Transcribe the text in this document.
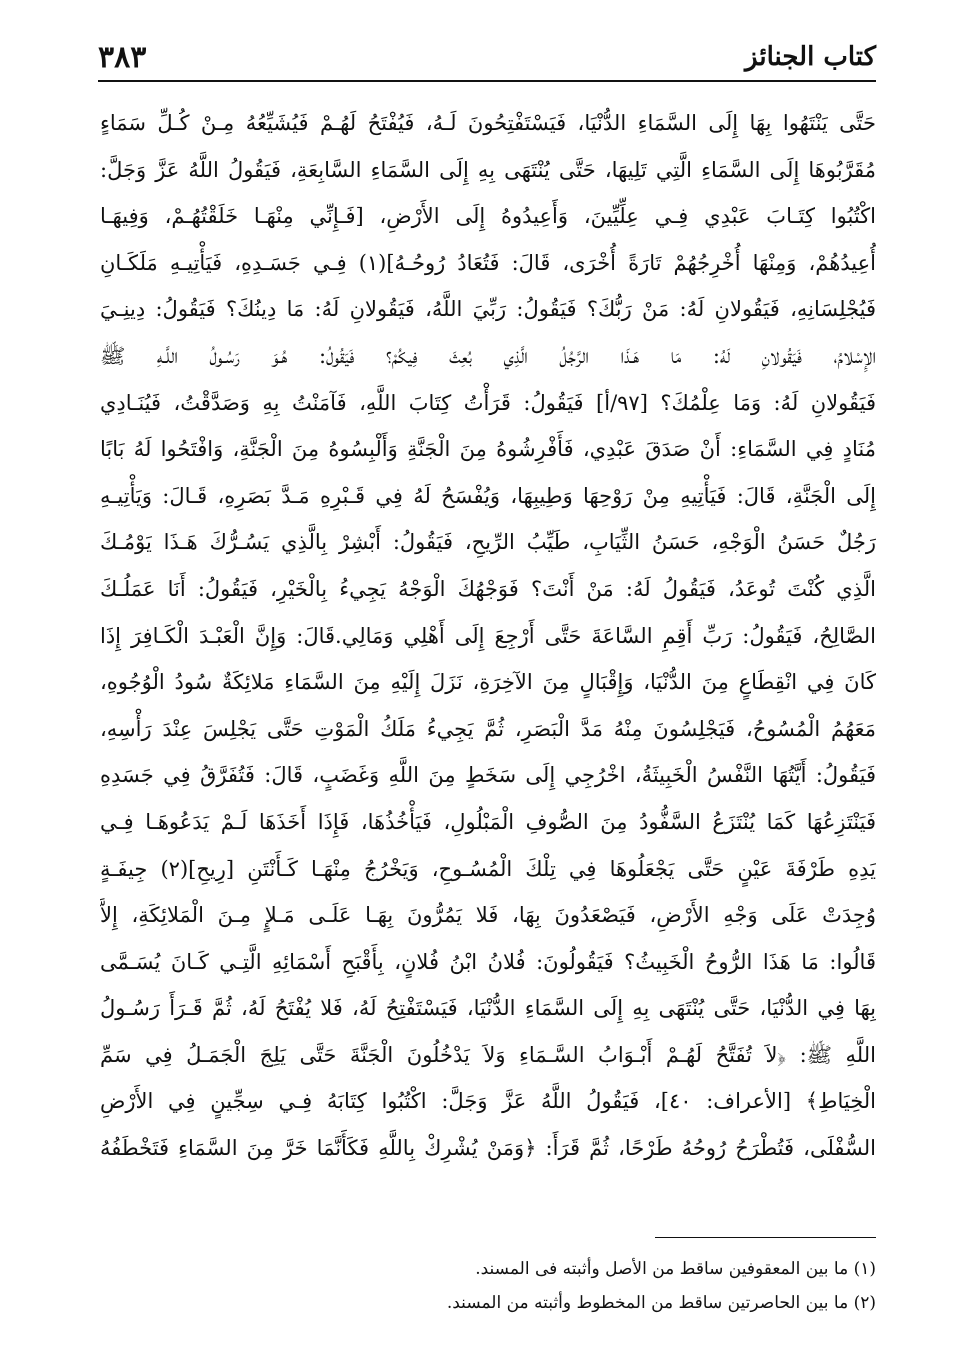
كتاب الجنائز
٣٨٣
حَتَّى يَنْتَهُوا بِهَا إِلَى السَّمَاءِ الدُّنْيَا، فَيَسْتَفْتِحُونَ لَـهُ، فَيُفْتَحُ لَهُـمْ فَيُشَيِّعُهُ مِـنْ كُـلِّ سَمَاءٍ
مُقَرَّبُوهَا إِلَى السَّمَاءِ الَّتِي تَلِيهَا، حَتَّى يُنْتَهَى بِهِ إِلَى السَّمَاءِ السَّابِعَةِ، فَيَقُولُ اللَّهُ عَزَّ وَجَلَّ:
اكْتُبُوا كِتَـابَ عَبْدِي فِـي عِلِّيِّينَ، وَأَعِيدُوهُ إِلَى الأَرْضِ، [فَـإِنِّي مِنْهَـا خَلَقْتُهُـمْ، وَفِيهَـا
أُعِيدُهُمْ، وَمِنْهَا أُخْرِجُهُمْ تَارَةً أُخْرَى، قَالَ: فَتُعَادُ رُوحُـهُ](١) فِـي جَسَـدِهِ، فَيَأْتِيـهِ مَلَكَـانِ
فَيُجْلِسَانِهِ، فَيَقُولانِ لَهُ: مَنْ رَبُّكَ؟ فَيَقُولُ: رَبِّيَ اللَّهُ، فَيَقُولانِ لَهُ: مَا دِينُكَ؟ فَيَقُولُ: دِينِـيَ
الإِسْلامُ، فَيَقُولانِ لَهُ: مَا هَـذَا الرَّجُلُ الَّذِي بُعِثَ فِيكُمْ؟ فَيَقُولُ: هُـوَ رَسُـولُ اللَّـهِ ﷺ
فَيَقُولانِ لَهُ: وَمَا عِلْمُكَ؟ [٩٧/أ] فَيَقُولُ: قَرَأْتُ كِتَابَ اللَّهِ، فَآمَنْتُ بِهِ وَصَدَّقْتُ، فَيُنَـادِي
مُنَادٍ فِي السَّمَاءِ: أَنْ صَدَقَ عَبْدِي، فَأَفْرِشُوهُ مِنَ الْجَنَّةِ وَأَلْبِسُوهُ مِنَ الْجَنَّةِ، وَافْتَحُوا لَهُ بَابًا
إِلَى الْجَنَّةِ، قَالَ: فَيَأْتِيهِ مِنْ رَوْحِهَا وَطِيبِهَا، وَيُفْسَحُ لَهُ فِي قَـبْرِهِ مَـدَّ بَصَرِهِ، قَـالَ: وَيَأْتِيـهِ
رَجُلٌ حَسَنُ الْوَجْهِ، حَسَنُ الثِّيَابِ، طَيِّبُ الرِّيحِ، فَيَقُولُ: أَبْشِرْ بِالَّذِي يَسُـرُّكَ هَـذَا يَوْمُـكَ
الَّذِي كُنْتَ تُوعَدُ، فَيَقُولُ لَهُ: مَنْ أَنْتَ؟ فَوَجْهُكَ الْوَجْهُ يَجِيءُ بِالْخَيْرِ، فَيَقُولُ: أَنَا عَمَلُـكَ
الصَّالِحُ، فَيَقُولُ: رَبِّ أَقِمِ السَّاعَةَ حَتَّى أَرْجِعَ إِلَى أَهْلِي وَمَالِي.قَالَ: وَإِنَّ الْعَبْـدَ الْكَـافِرَ إِذَا
كَانَ فِي انْقِطَاعٍ مِنَ الدُّنْيَا، وَإِقْبَالٍ مِنَ الآخِرَةِ، نَزَلَ إِلَيْهِ مِنَ السَّمَاءِ مَلائِكَةٌ سُودُ الْوُجُوهِ،
مَعَهُمُ الْمُسُوحُ، فَيَجْلِسُونَ مِنْهُ مَدَّ الْبَصَرِ، ثُمَّ يَجِيءُ مَلَكُ الْمَوْتِ حَتَّى يَجْلِسَ عِنْدَ رَأْسِهِ،
فَيَقُولُ: أَيَّتُهَا النَّفْسُ الْخَبِيثَةُ، اخْرُجِي إِلَى سَخَطٍ مِنَ اللَّهِ وَغَضَبٍ، قَالَ: فَتُفَرَّقُ فِي جَسَدِهِ
فَيَنْتَزِعُهَا كَمَا يُنْتَزَعُ السَّفُّودُ مِنَ الصُّوفِ الْمَبْلُولِ، فَيَأْخُذُهَا، فَإِذَا أَخَذَهَا لَـمْ يَدَعُوهَـا فِـي
يَدِهِ طَرْفَةَ عَيْنٍ حَتَّى يَجْعَلُوهَا فِي تِلْكَ الْمُسُـوحِ، وَيَخْرُجُ مِنْهَـا كَـأَنْتَنِ [رِيحِ](٢) جِيفَـةٍ
وُجِدَتْ عَلَى وَجْهِ الأَرْضِ، فَيَصْعَدُونَ بِهَا، فَلا يَمُرُّونَ بِهَـا عَلَـى مَـلإٍ مِـنَ الْمَلائِكَةِ، إِلاَّ
قَالُوا: مَا هَذَا الرُّوحُ الْخَبِيثُ؟ فَيَقُولُونَ: فُلانُ ابْنُ فُلانٍ، بِأَقْبَحِ أَسْمَائِهِ الَّتِـي كَـانَ يُسَـمَّى
بِهَا فِي الدُّنْيَا، حَتَّى يُنْتَهَى بِهِ إِلَى السَّمَاءِ الدُّنْيَا، فَيَسْتَفْتِحُ لَهُ، فَلا يُفْتَحُ لَهُ، ثُمَّ قَـرَأَ رَسُـولُ
اللَّهِ ﷺ: ﴿لاَ تُفَتَّحُ لَهُـمْ أَبْـوَابُ السَّـمَاءِ وَلاَ يَدْخُلُونَ الْجَنَّةَ حَتَّى يَلِجَ الْجَمَـلُ فِي سَمِّ
الْخِيَاطِ﴾ [الأعراف: ٤٠]، فَيَقُولُ اللَّهُ عَزَّ وَجَلَّ: اكْتُبُوا كِتَابَهُ فِـي سِجِّينٍ فِي الأَرْضِ
السُّفْلَى، فَتُطْرَحُ رُوحُهُ طَرْحًا، ثُمَّ قَرَأَ: ﴿وَمَنْ يُشْرِكْ بِاللَّهِ فَكَأَنَّمَا خَرَّ مِنَ السَّمَاءِ فَتَخْطَفُهُ
(١) ما بين المعقوفين ساقط من الأصل وأثبته فى المسند.
(٢) ما بين الحاصرتين ساقط من المخطوط وأثبته من المسند.
